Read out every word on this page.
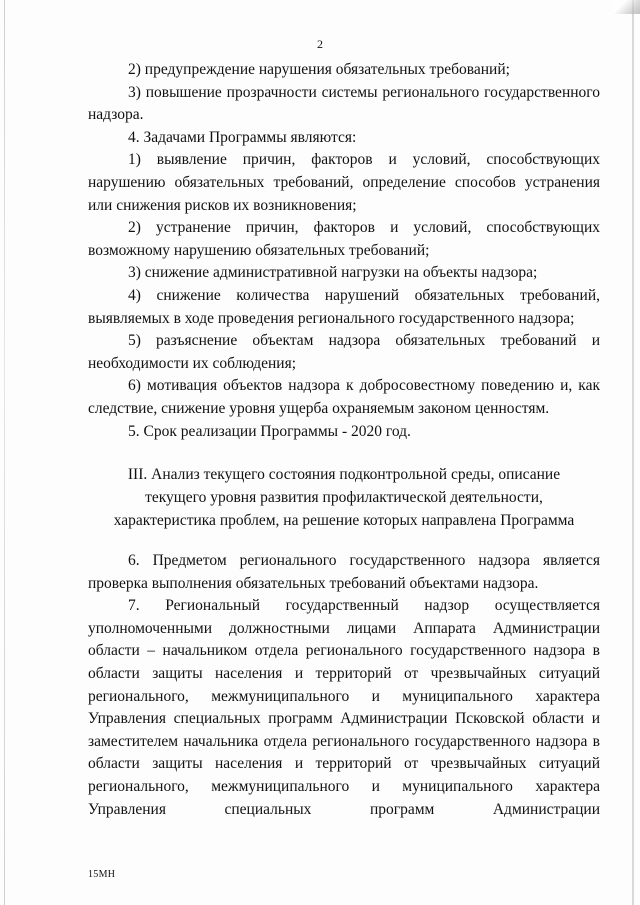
2

2) предупреждение нарушения обязательных требований;

3) повышение прозрачности системы регионального государственного надзора.

4. Задачами Программы являются:

1) выявление причин, факторов и условий, способствующих нарушению обязательных требований, определение способов устранения или снижения рисков их возникновения;

2) устранение причин, факторов и условий, способствующих возможному нарушению обязательных требований;

3) снижение административной нагрузки на объекты надзора;

4) снижение количества нарушений обязательных требований, выявляемых в ходе проведения регионального государственного надзора;

5) разъяснение объектам надзора обязательных требований и необходимости их соблюдения;

6) мотивация объектов надзора к добросовестному поведению и, как следствие, снижение уровня ущерба охраняемым законом ценностям.

5. Срок реализации Программы - 2020 год.

III. Анализ текущего состояния подконтрольной среды, описание
текущего уровня развития профилактической деятельности,
характеристика проблем, на решение которых направлена Программа

6. Предметом регионального государственного надзора является проверка выполнения обязательных требований объектами надзора.

7. Региональный государственный надзор осуществляется уполномоченными должностными лицами Аппарата Администрации области – начальником отдела регионального государственного надзора в области защиты населения и территорий от чрезвычайных ситуаций регионального, межмуниципального и муниципального характера Управления специальных программ Администрации Псковской области и заместителем начальника отдела регионального государственного надзора в области защиты населения и территорий от чрезвычайных ситуаций регионального, межмуниципального и муниципального характера Управления специальных программ Администрации

15МН
